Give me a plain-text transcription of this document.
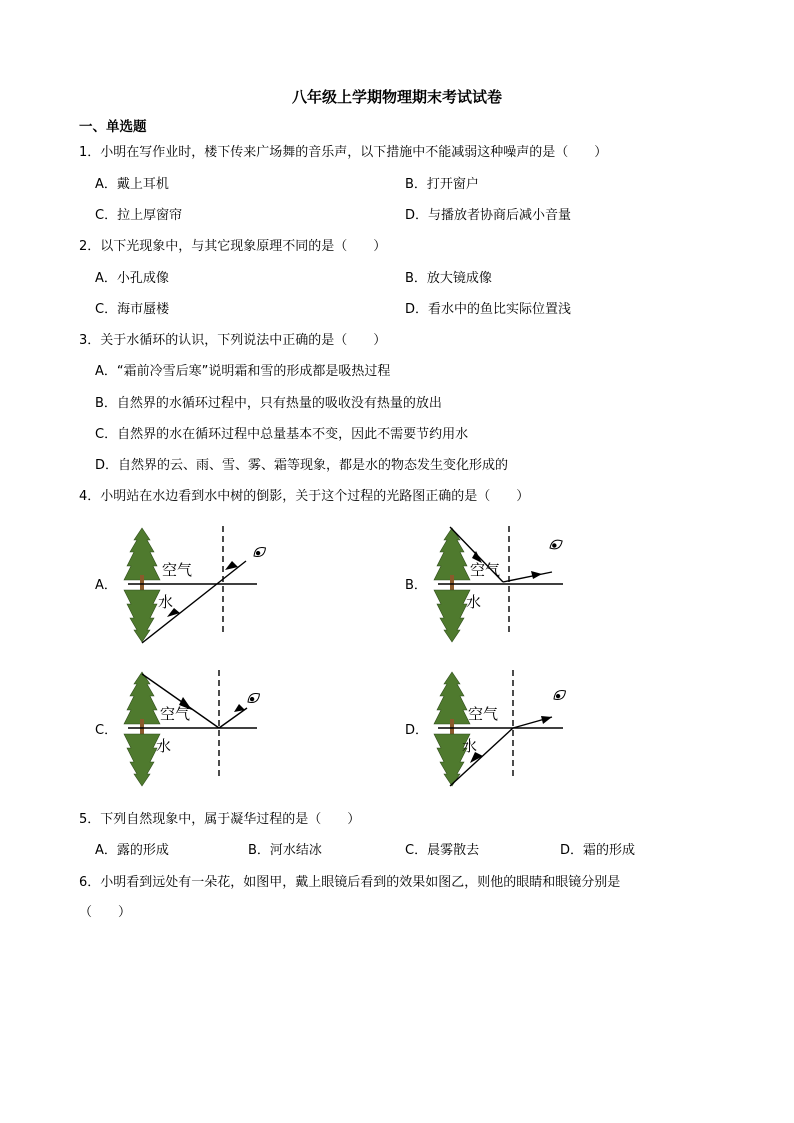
八年级上学期物理期末考试试卷
一、单选题
1．小明在写作业时，楼下传来广场舞的音乐声，以下措施中不能减弱这种噪声的是（　　）
A．戴上耳机	B．打开窗户
C．拉上厚窗帘	D．与播放者协商后减小音量
2．以下光现象中，与其它现象原理不同的是（　　）
A．小孔成像	B．放大镜成像
C．海市蜃楼	D．看水中的鱼比实际位置浅
3．关于水循环的认识，下列说法中正确的是（　　）
A．“霜前冷雪后寒”说明霜和雪的形成都是吸热过程
B．自然界的水循环过程中，只有热量的吸收没有热量的放出
C．自然界的水在循环过程中总量基本不变，因此不需要节约用水
D．自然界的云、雨、雪、雾、霜等现象，都是水的物态发生变化形成的
4．小明站在水边看到水中树的倒影，关于这个过程的光路图正确的是（　　）
A．
空气
水
B．
空气
水
C．
空气
水
D．
空气
水
5．下列自然现象中，属于凝华过程的是（　　）
A．露的形成	B．河水结冰	C．晨雾散去	D．霜的形成
6．小明看到远处有一朵花，如图甲，戴上眼镜后看到的效果如图乙，则他的眼睛和眼镜分别是
（　　）
